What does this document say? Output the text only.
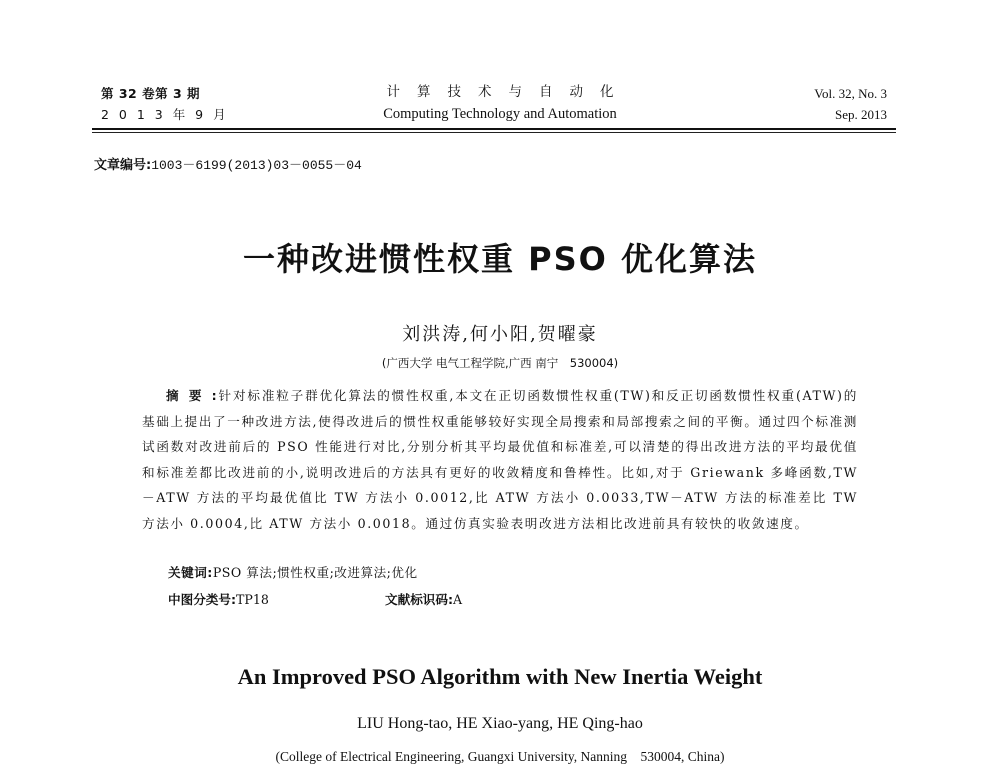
第 32 卷第 3 期
2 0 1 3 年 9 月
计算技术与自动化
Computing Technology and Automation
Vol. 32, No. 3
Sep. 2013
文章编号:1003－6199(2013)03－0055－04
一种改进惯性权重 PSO 优化算法
刘洪涛,何小阳,贺曜豪
(广西大学 电气工程学院,广西 南宁　530004)
摘要:针对标准粒子群优化算法的惯性权重,本文在正切函数惯性权重(TW)和反正切函数惯性权重(ATW)的基础上提出了一种改进方法,使得改进后的惯性权重能够较好实现全局搜索和局部搜索之间的平衡。通过四个标准测试函数对改进前后的 PSO 性能进行对比,分别分析其平均最优值和标准差,可以清楚的得出改进方法的平均最优值和标准差都比改进前的小,说明改进后的方法具有更好的收敛精度和鲁棒性。比如,对于 Griewank 多峰函数,TW－ATW 方法的平均最优值比 TW 方法小 0.0012,比 ATW 方法小 0.0033,TW－ATW 方法的标准差比 TW 方法小 0.0004,比 ATW 方法小 0.0018。通过仿真实验表明改进方法相比改进前具有较快的收敛速度。
关键词:PSO 算法;惯性权重;改进算法;优化
中图分类号:TP18	文献标识码:A
An Improved PSO Algorithm with New Inertia Weight
LIU Hong-tao, HE Xiao-yang, HE Qing-hao
(College of Electrical Engineering, Guangxi University, Nanning　530004, China)
